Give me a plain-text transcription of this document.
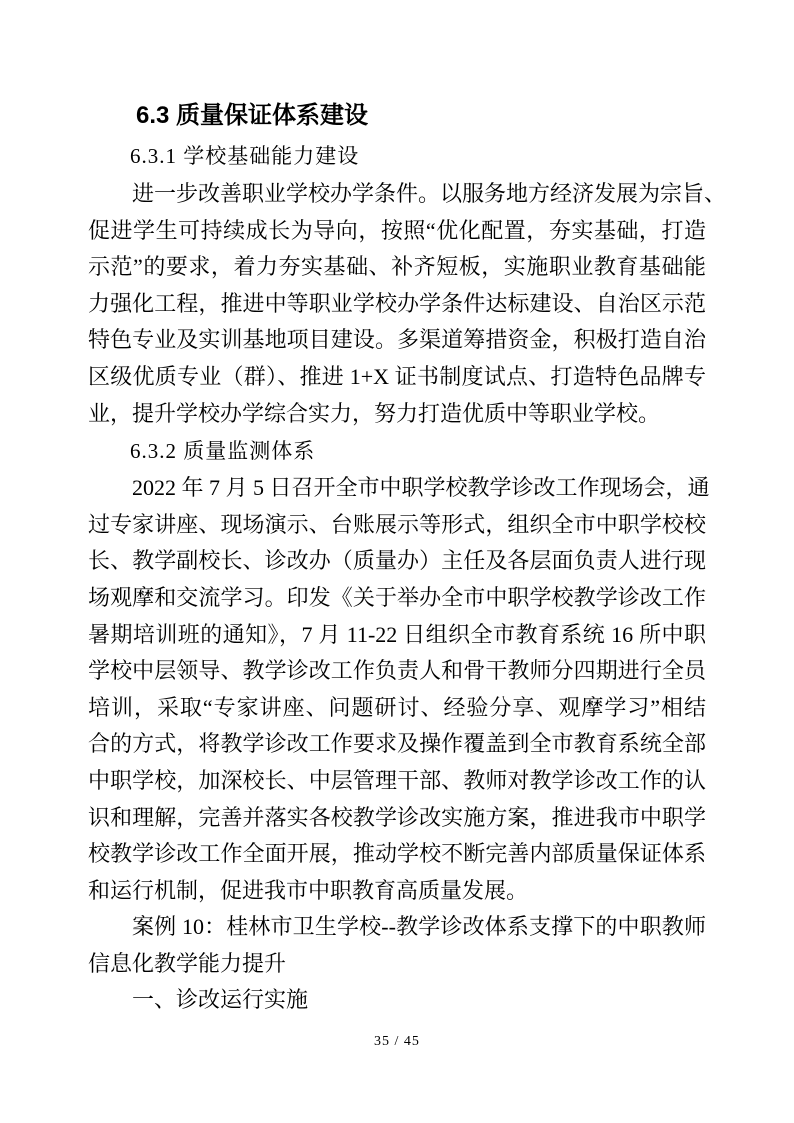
6.3 质量保证体系建设
6.3.1 学校基础能力建设
进一步改善职业学校办学条件。以服务地方经济发展为宗旨、
促进学生可持续成长为导向，按照“优化配置，夯实基础，打造
示范”的要求，着力夯实基础、补齐短板，实施职业教育基础能
力强化工程，推进中等职业学校办学条件达标建设、自治区示范
特色专业及实训基地项目建设。多渠道筹措资金，积极打造自治
区级优质专业（群）、推进 1+X 证书制度试点、打造特色品牌专
业，提升学校办学综合实力，努力打造优质中等职业学校。
6.3.2 质量监测体系
2022 年 7 月 5 日召开全市中职学校教学诊改工作现场会，通
过专家讲座、现场演示、台账展示等形式，组织全市中职学校校
长、教学副校长、诊改办（质量办）主任及各层面负责人进行现
场观摩和交流学习。印发《关于举办全市中职学校教学诊改工作
暑期培训班的通知》，7 月 11-22 日组织全市教育系统 16 所中职
学校中层领导、教学诊改工作负责人和骨干教师分四期进行全员
培训，采取“专家讲座、问题研讨、经验分享、观摩学习”相结
合的方式，将教学诊改工作要求及操作覆盖到全市教育系统全部
中职学校，加深校长、中层管理干部、教师对教学诊改工作的认
识和理解，完善并落实各校教学诊改实施方案，推进我市中职学
校教学诊改工作全面开展，推动学校不断完善内部质量保证体系
和运行机制，促进我市中职教育高质量发展。
案例 10：桂林市卫生学校--教学诊改体系支撑下的中职教师
信息化教学能力提升
一、诊改运行实施
35 / 45
